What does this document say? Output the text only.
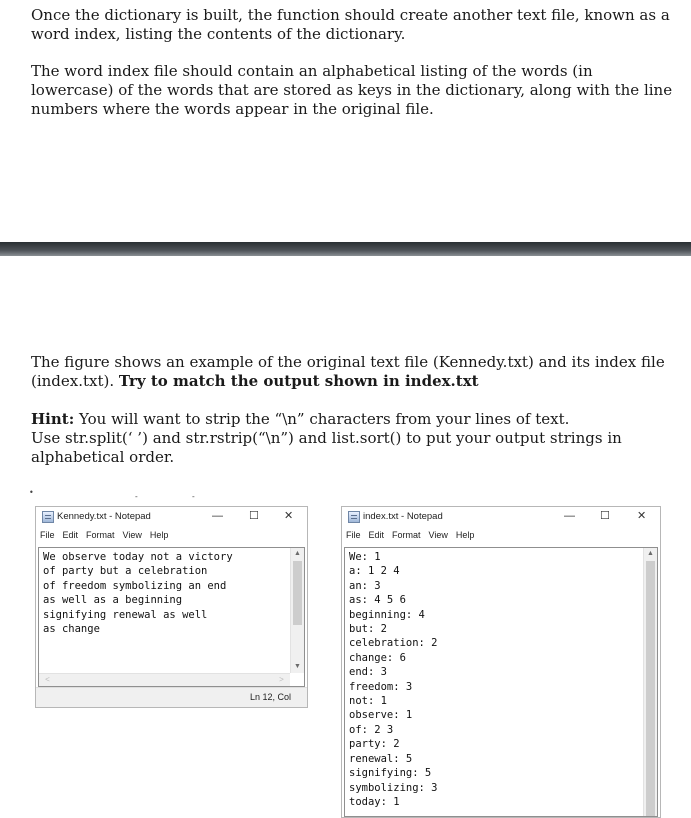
Once the dictionary is built, the function should create another text file, known as a
word index, listing the contents of the dictionary.

The word index file should contain an alphabetical listing of the words (in
lowercase) of the words that are stored as keys in the dictionary, along with the line
numbers where the words appear in the original file.

The figure shows an example of the original text file (Kennedy.txt) and its index file
(index.txt). Try to match the output shown in index.txt

Hint: You will want to strip the “\n” characters from your lines of text.
Use str.split(‘ ’) and str.rstrip(“\n”) and list.sort() to put your output strings in
alphabetical order.

•	-	-
Kennedy.txt - Notepad	— ☐ ✕
File Edit Format View Help
We observe today not a victory
of party but a celebration
of freedom symbolizing an end
as well as a beginning
signifying renewal as well
as change
▲
▼
<	>
Ln 12, Col
index.txt - Notepad	— ☐ ✕
File Edit Format View Help
We: 1
a: 1 2 4
an: 3
as: 4 5 6
beginning: 4
but: 2
celebration: 2
change: 6
end: 3
freedom: 3
not: 1
observe: 1
of: 2 3
party: 2
renewal: 5
signifying: 5
symbolizing: 3
today: 1
▲
